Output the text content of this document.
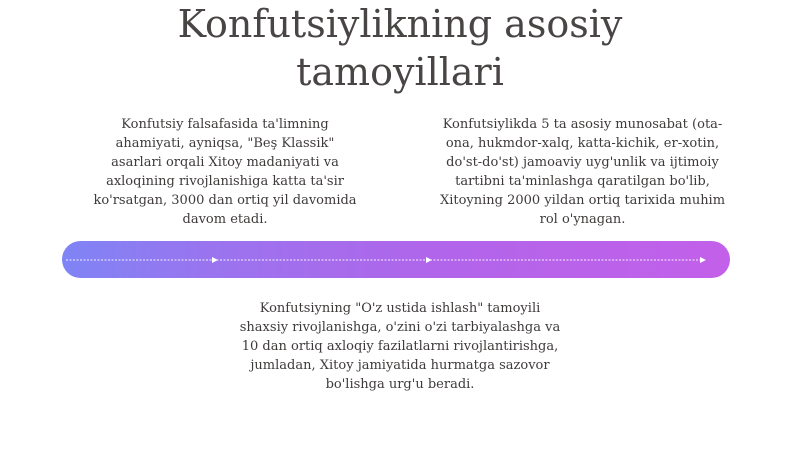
Konfutsiylikning asosiy tamoyillari
Konfutsiy falsafasida ta'limning
ahamiyati, ayniqsa, "Beş Klassik"
asarlari orqali Xitoy madaniyati va
axloqining rivojlanishiga katta ta'sir
ko'rsatgan, 3000 dan ortiq yil davomida
davom etadi.
Konfutsiylikda 5 ta asosiy munosabat (ota-
ona, hukmdor-xalq, katta-kichik, er-xotin,
do'st-do'st) jamoaviy uyg'unlik va ijtimoiy
tartibni ta'minlashga qaratilgan bo'lib,
Xitoyning 2000 yildan ortiq tarixida muhim
rol o'ynagan.
Konfutsiyning "O'z ustida ishlash" tamoyili
shaxsiy rivojlanishga, o'zini o'zi tarbiyalashga va
10 dan ortiq axloqiy fazilatlarni rivojlantirishga,
jumladan, Xitoy jamiyatida hurmatga sazovor
bo'lishga urg'u beradi.
